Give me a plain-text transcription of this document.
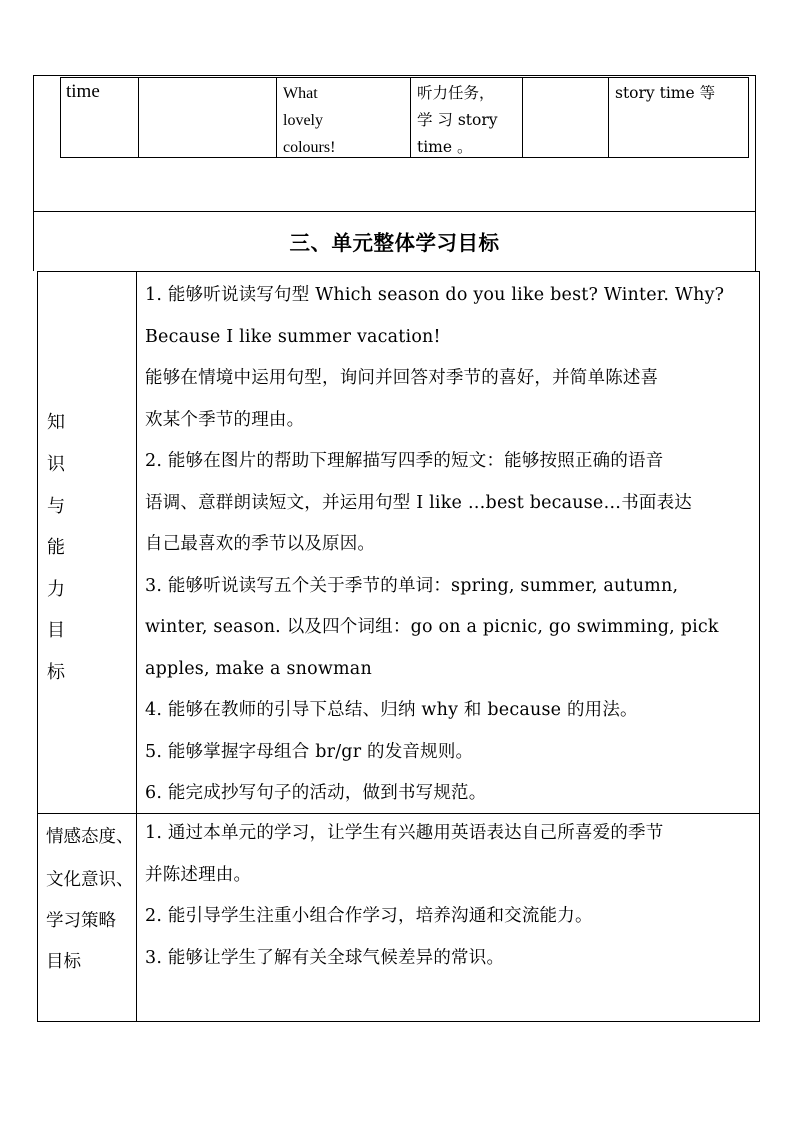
time	What lovely
colours!
听力任务，
学 习 story
time 。
story time 等
三、单元整体学习目标
知
识
与
能
力
目
标
1. 能够听说读写句型 Which season do you like best? Winter. Why?
Because I like summer vacation!
能够在情境中运用句型，询问并回答对季节的喜好，并简单陈述喜
欢某个季节的理由。
2. 能够在图片的帮助下理解描写四季的短文：能够按照正确的语音
语调、意群朗读短文，并运用句型 I like …best because…书面表达
自己最喜欢的季节以及原因。
3. 能够听说读写五个关于季节的单词：spring, summer, autumn,
winter, season. 以及四个词组：go on a picnic, go swimming, pick
apples, make a snowman
4. 能够在教师的引导下总结、归纳 why 和 because 的用法。
5. 能够掌握字母组合 br/gr 的发音规则。
6. 能完成抄写句子的活动，做到书写规范。
情感态度、
文化意识、
学习策略
目标
1. 通过本单元的学习，让学生有兴趣用英语表达自己所喜爱的季节
并陈述理由。
2. 能引导学生注重小组合作学习，培养沟通和交流能力。
3. 能够让学生了解有关全球气候差异的常识。
